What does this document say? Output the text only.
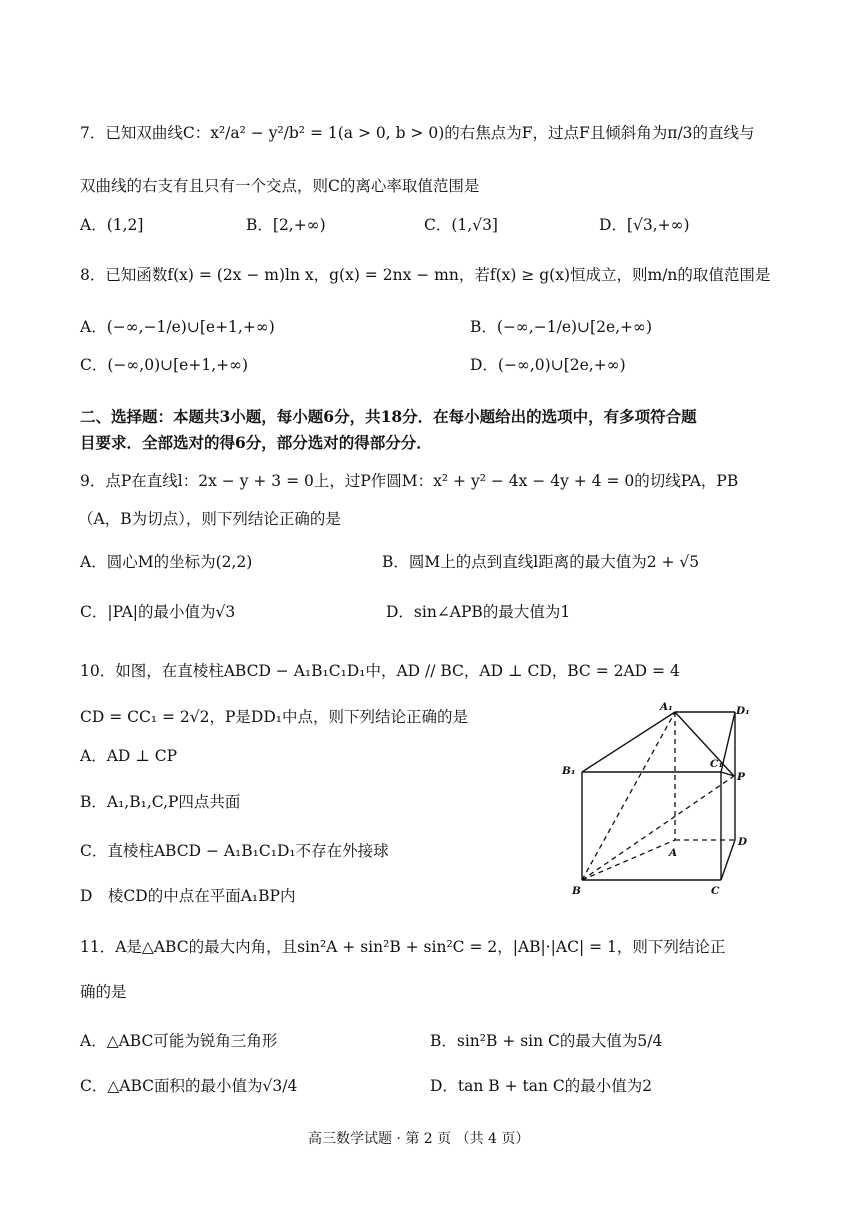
7．已知双曲线C：x²/a² − y²/b² = 1(a > 0, b > 0)的右焦点为F，过点F且倾斜角为π/3的直线与
双曲线的右支有且只有一个交点，则C的离心率取值范围是
A．(1,2]	B．[2,+∞)	C．(1,√3]	D．[√3,+∞)
8．已知函数f(x) = (2x − m)ln x，g(x) = 2nx − mn，若f(x) ≥ g(x)恒成立，则m/n的取值范围是
A．(−∞,−1/e)∪[e+1,+∞)	B．(−∞,−1/e)∪[2e,+∞)
C．(−∞,0)∪[e+1,+∞)	D．(−∞,0)∪[2e,+∞)
二、选择题：本题共3小题，每小题6分，共18分．在每小题给出的选项中，有多项符合题
目要求．全部选对的得6分，部分选对的得部分分．
9．点P在直线l：2x − y + 3 = 0上，过P作圆M：x² + y² − 4x − 4y + 4 = 0的切线PA，PB
（A，B为切点），则下列结论正确的是
A．圆心M的坐标为(2,2)	B．圆M上的点到直线l距离的最大值为2 + √5
C．|PA|的最小值为√3	D．sin∠APB的最大值为1
10．如图，在直棱柱ABCD − A₁B₁C₁D₁中，AD // BC，AD ⊥ CD，BC = 2AD = 4
CD = CC₁ = 2√2，P是DD₁中点，则下列结论正确的是
A．AD ⊥ CP
B．A₁,B₁,C,P四点共面
C．直棱柱ABCD − A₁B₁C₁D₁不存在外接球
D　棱CD的中点在平面A₁BP内
A₁	D₁
B₁
C₁
P
A
D
B	C
11．A是△ABC的最大内角，且sin²A + sin²B + sin²C = 2，|AB|·|AC| = 1，则下列结论正
确的是
A．△ABC可能为锐角三角形	B．sin²B + sin C的最大值为5/4
C．△ABC面积的最小值为√3/4	D．tan B + tan C的最小值为2
高三数学试题 · 第 2 页 （共 4 页）
